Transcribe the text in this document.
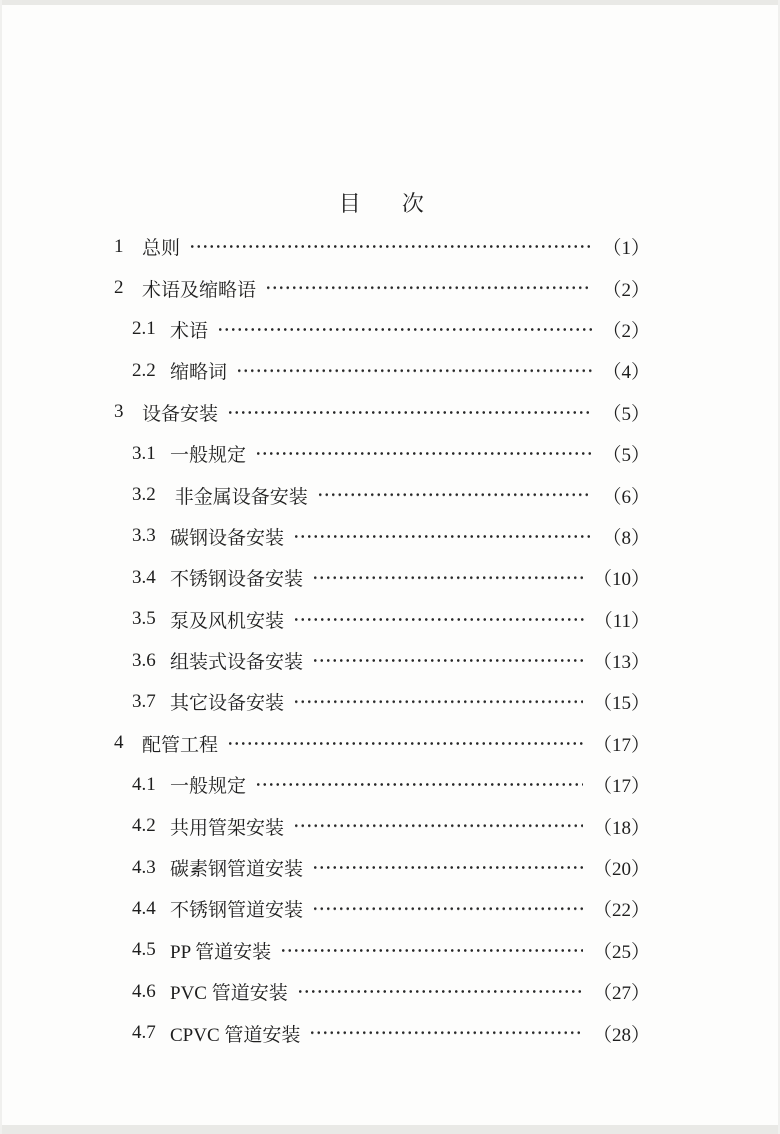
目 次
1 总则	（1）
2 术语及缩略语	（2）
2.1 术语	（2）
2.2 缩略词	（4）
3 设备安装	（5）
3.1 一般规定	（5）
3.2 非金属设备安装	（6）
3.3 碳钢设备安装	（8）
3.4 不锈钢设备安装	（10）
3.5 泵及风机安装	（11）
3.6 组装式设备安装	（13）
3.7 其它设备安装	（15）
4 配管工程	（17）
4.1 一般规定	（17）
4.2 共用管架安装	（18）
4.3 碳素钢管道安装	（20）
4.4 不锈钢管道安装	（22）
4.5 PP 管道安装	（25）
4.6 PVC 管道安装	（27）
4.7 CPVC 管道安装	（28）
